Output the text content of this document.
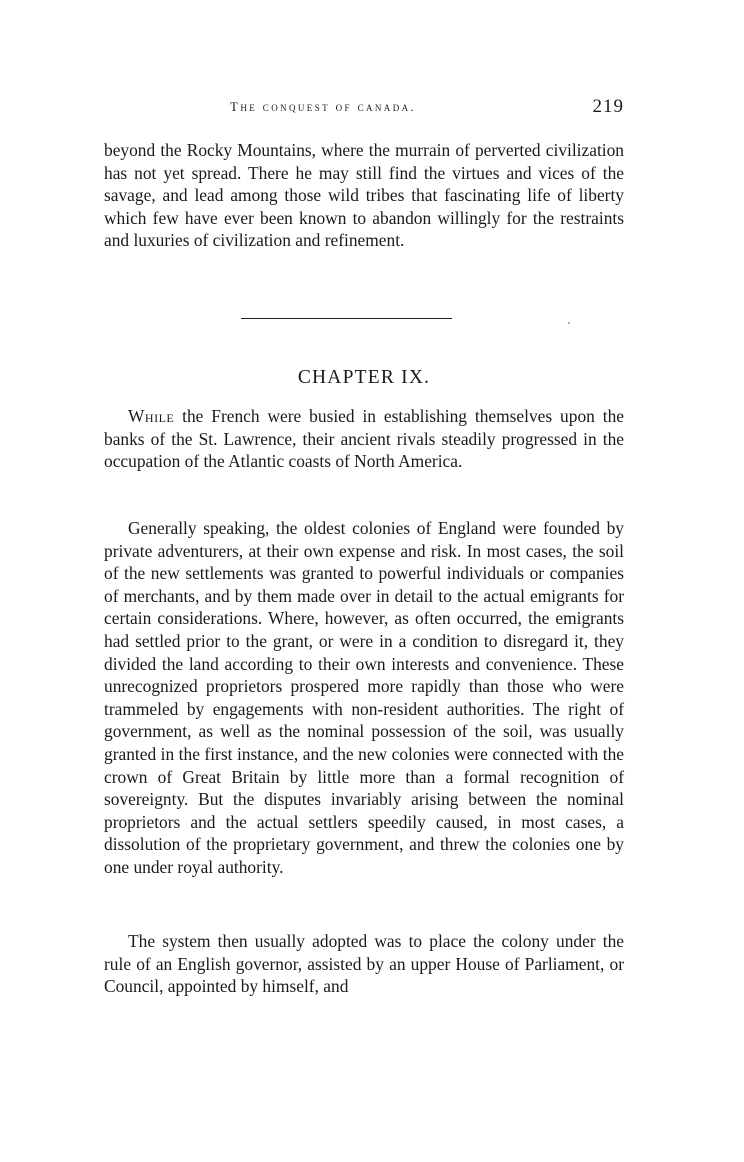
The conquest of canada.	219

beyond the Rocky Mountains, where the murrain of perverted civilization has not yet spread. There he may still find the virtues and vices of the savage, and lead among those wild tribes that fascinating life of liberty which few have ever been known to abandon willingly for the restraints and luxuries of civilization and refinement.

CHAPTER IX.

While the French were busied in establishing themselves upon the banks of the St. Lawrence, their ancient rivals steadily progressed in the occupation of the Atlantic coasts of North America.

Generally speaking, the oldest colonies of England were founded by private adventurers, at their own expense and risk. In most cases, the soil of the new settlements was granted to powerful individuals or companies of merchants, and by them made over in detail to the actual emigrants for certain considerations. Where, however, as often occurred, the emigrants had settled prior to the grant, or were in a condition to disregard it, they divided the land according to their own interests and convenience. These unrecognized proprietors prospered more rapidly than those who were trammeled by engagements with non-resident authorities. The right of government, as well as the nominal possession of the soil, was usually granted in the first instance, and the new colonies were connected with the crown of Great Britain by little more than a formal recognition of sovereignty. But the disputes invariably arising between the nominal proprietors and the actual settlers speedily caused, in most cases, a dissolution of the proprietary government, and threw the colonies one by one under royal authority.

The system then usually adopted was to place the colony under the rule of an English governor, assisted by an upper House of Parliament, or Council, appointed by himself, and
